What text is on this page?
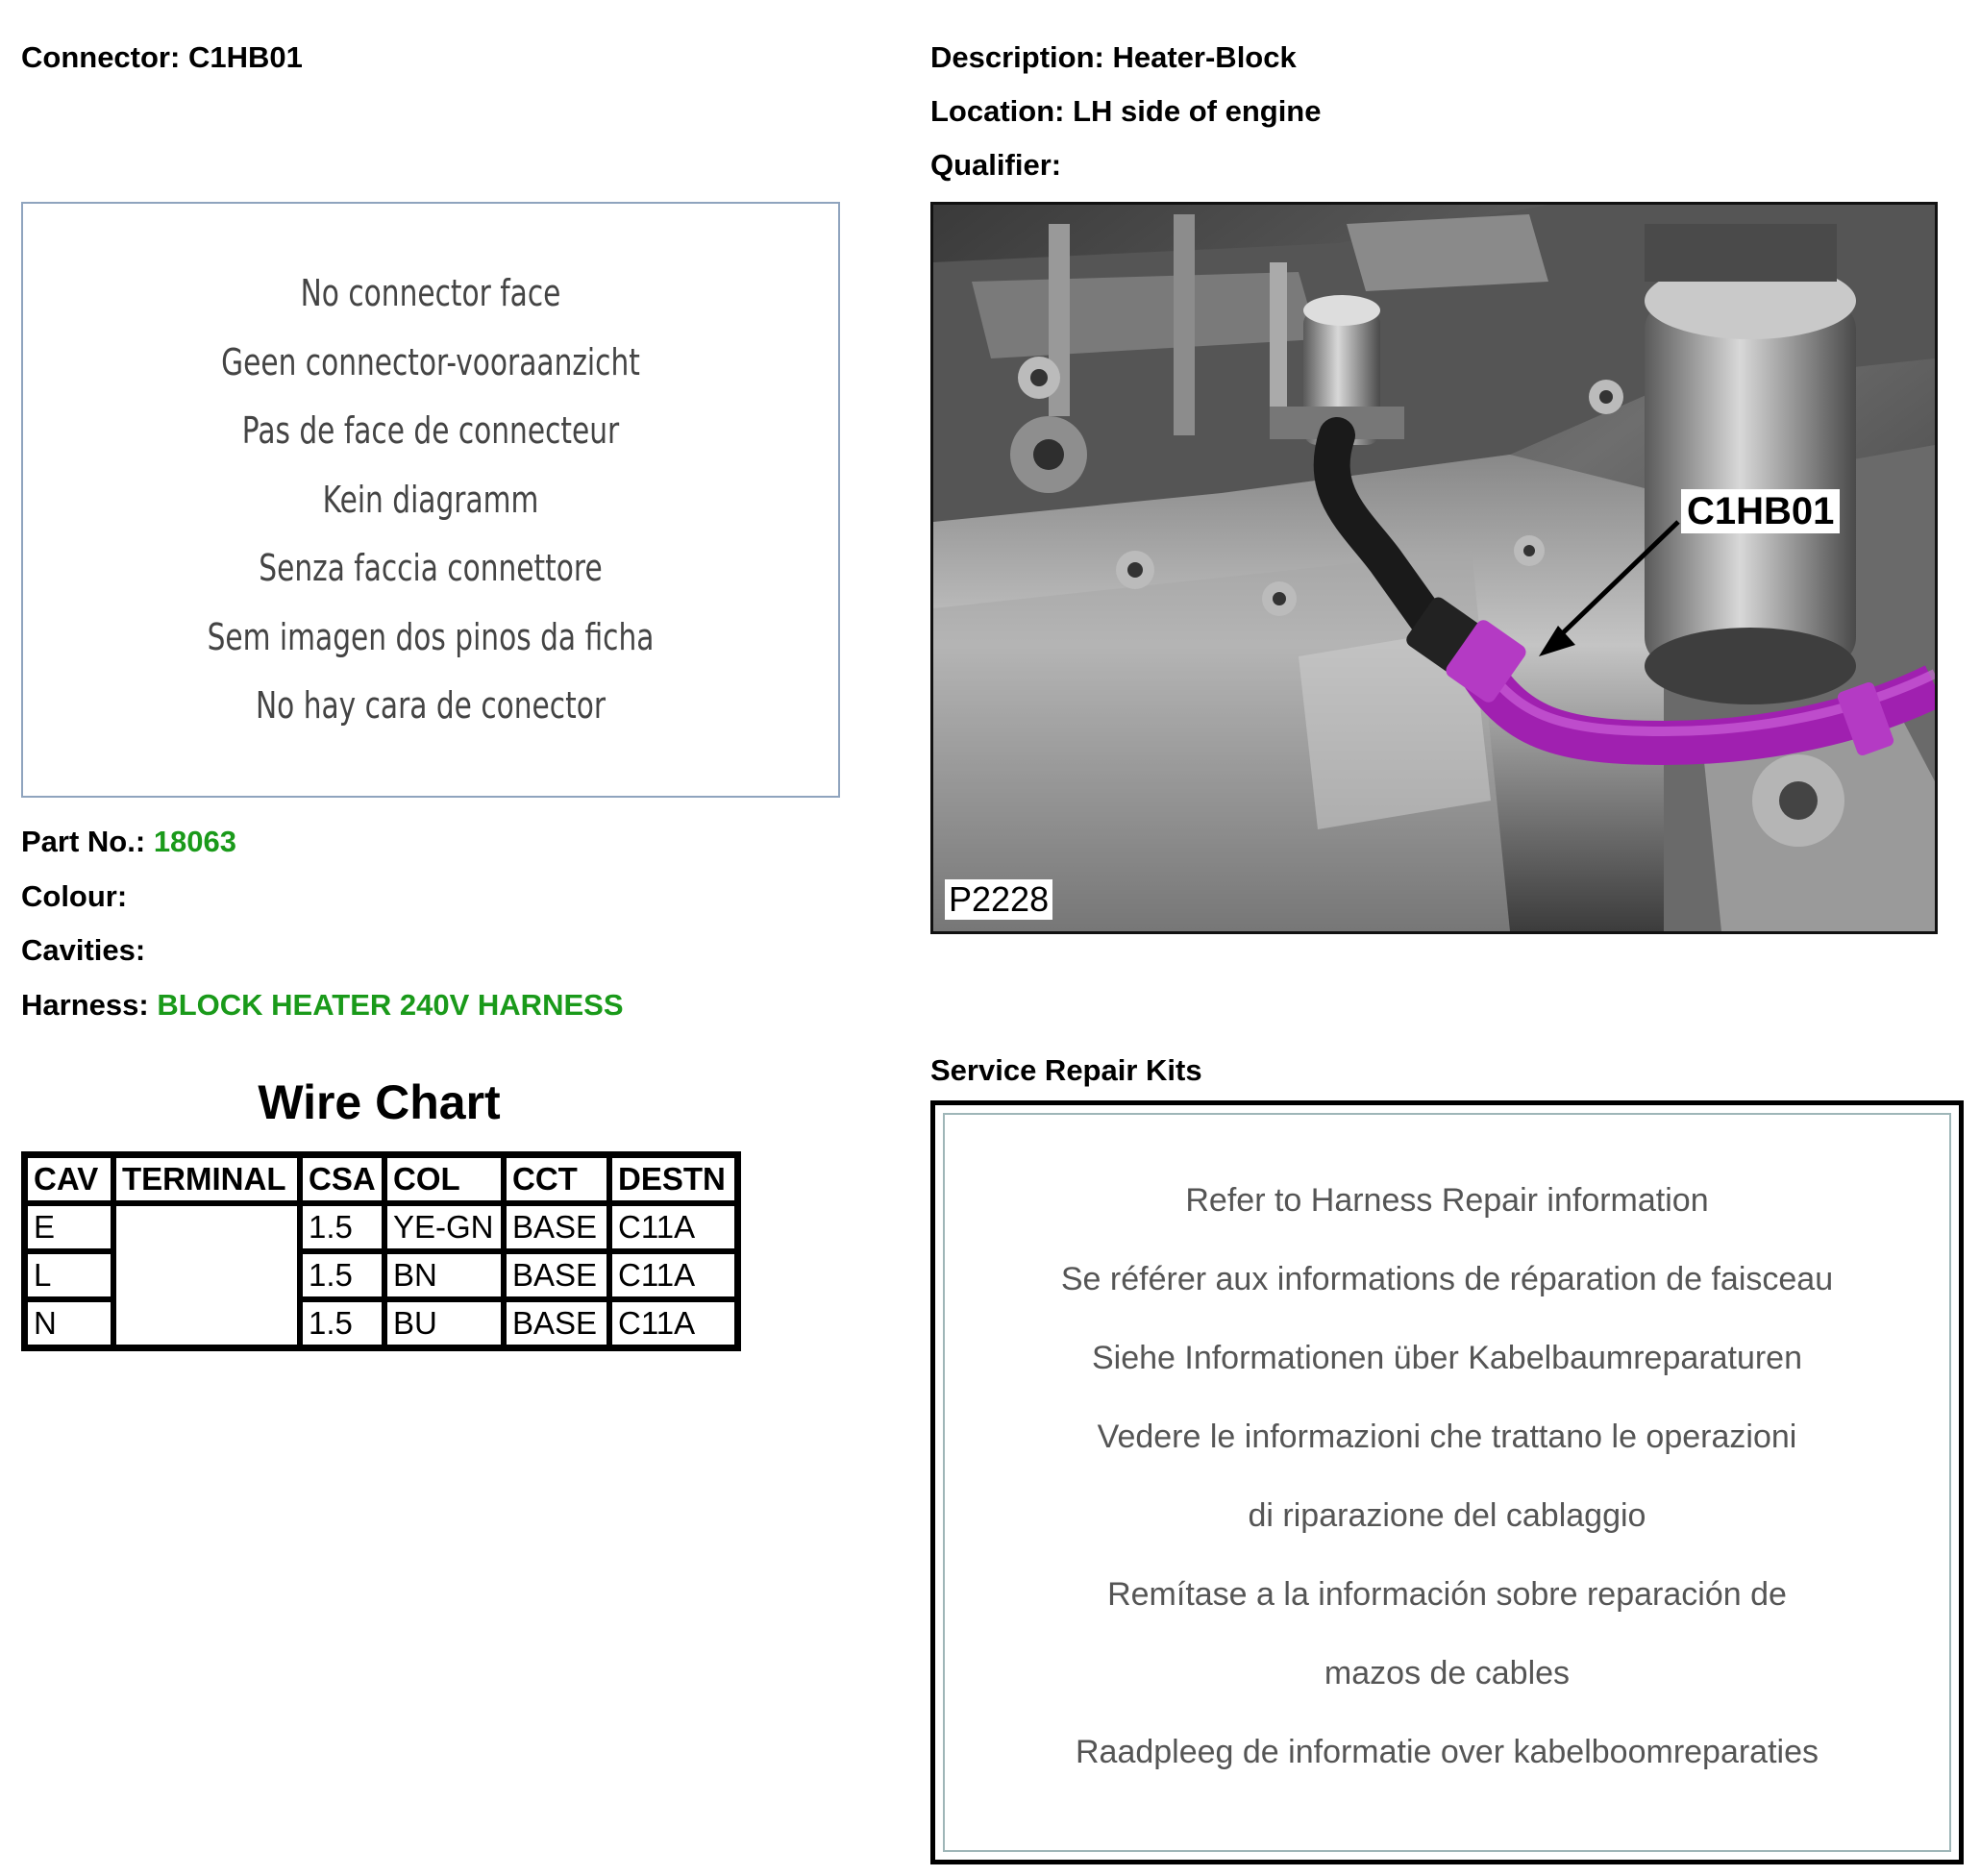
Connector: C1HB01	Description: Heater-Block
Location: LH side of engine
Qualifier:
No connector face
Geen connector-vooraanzicht
Pas de face de connecteur
Kein diagramm
Senza faccia connettore
Sem imagen dos pinos da ficha
No hay cara de conector
Part No.: 18063
Colour:
Cavities:
Harness: BLOCK HEATER 240V HARNESS
Wire Chart
CAV	TERMINAL	CSA	COL	CCT	DESTN
E		1.5	YE-GN	BASE	C11A
L		1.5	BN	BASE	C11A
N		1.5	BU	BASE	C11A
C1HB01
P2228
Service Repair Kits
Refer to Harness Repair information
Se référer aux informations de réparation de faisceau
Siehe Informationen über Kabelbaumreparaturen
Vedere le informazioni che trattano le operazioni
di riparazione del cablaggio
Remítase a la información sobre reparación de
mazos de cables
Raadpleeg de informatie over kabelboomreparaties
